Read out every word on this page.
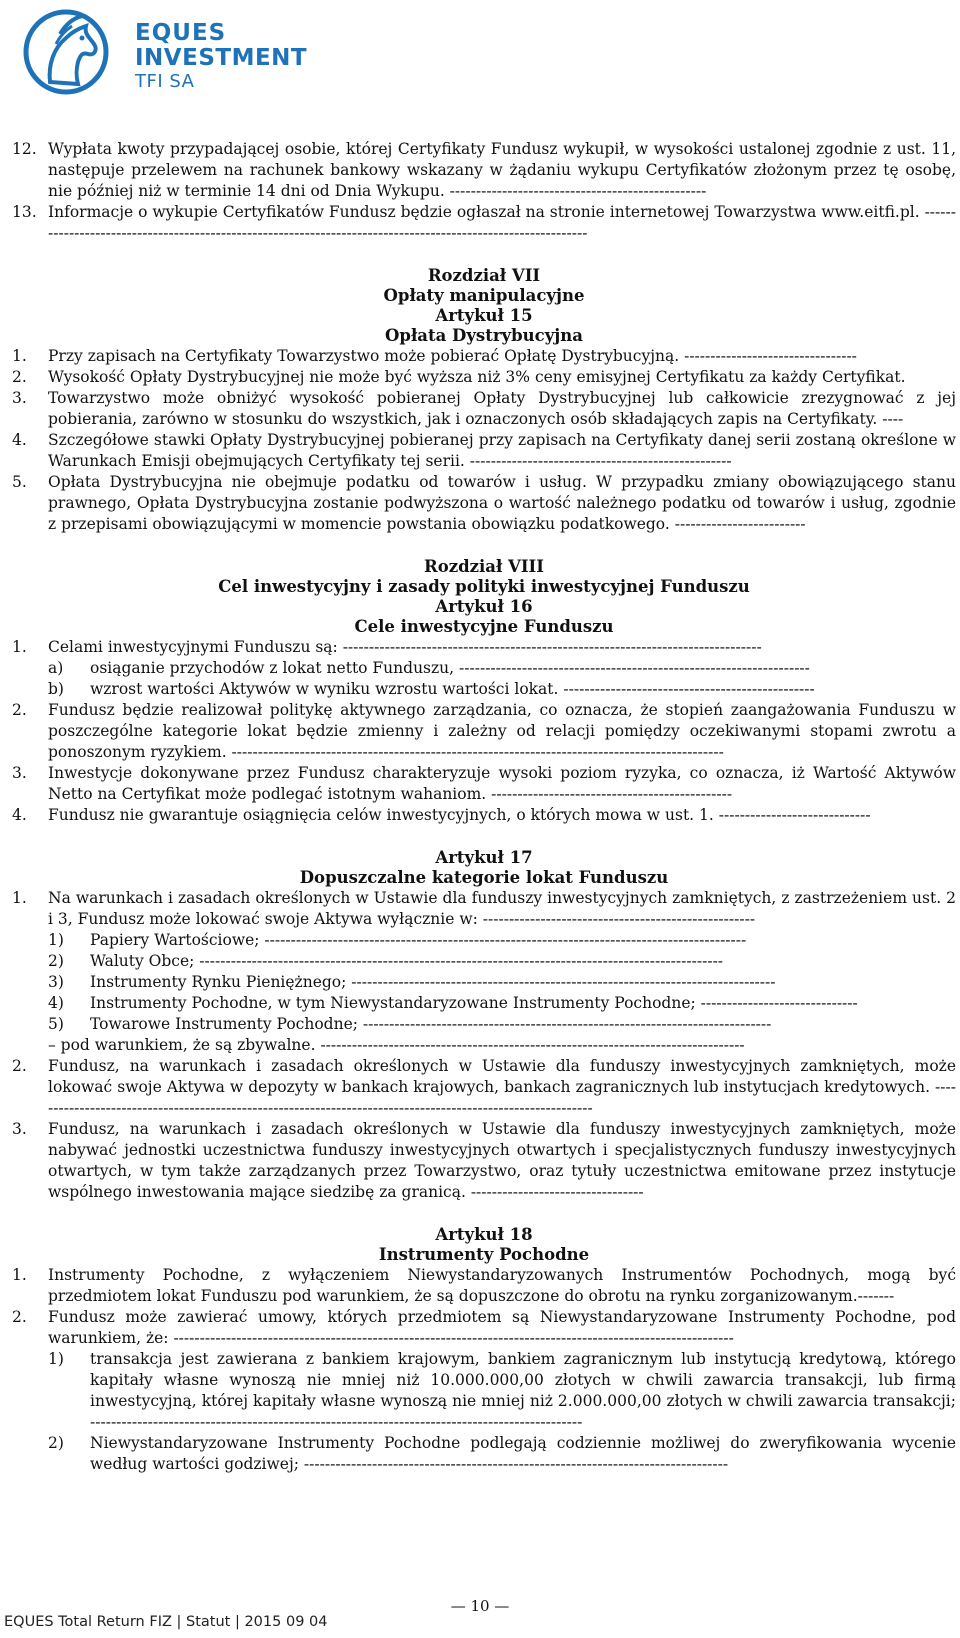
EQUES
INVESTMENT
TFI SA
12. Wypłata kwoty przypadającej osobie, której Certyfikaty Fundusz wykupił, w wysokości ustalonej zgodnie z ust. 11, następuje przelewem na rachunek bankowy wskazany w żądaniu wykupu Certyfikatów złożonym przez tę osobę, nie później niż w terminie 14 dni od Dnia Wykupu. -------------------------------------------------
13. Informacje o wykupie Certyfikatów Fundusz będzie ogłaszał na stronie internetowej Towarzystwa www.eitfi.pl. -------------------------------------------------------------------------------------------------------------
Rozdział VII
Opłaty manipulacyjne
Artykuł 15
Opłata Dystrybucyjna
1.	Przy zapisach na Certyfikaty Towarzystwo może pobierać Opłatę Dystrybucyjną. ---------------------------------
2.	Wysokość Opłaty Dystrybucyjnej nie może być wyższa niż 3% ceny emisyjnej Certyfikatu za każdy Certyfikat.
3.	Towarzystwo może obniżyć wysokość pobieranej Opłaty Dystrybucyjnej lub całkowicie zrezygnować z jej pobierania, zarówno w stosunku do wszystkich, jak i oznaczonych osób składających zapis na Certyfikaty. ----
4.	Szczegółowe stawki Opłaty Dystrybucyjnej pobieranej przy zapisach na Certyfikaty danej serii zostaną określone w Warunkach Emisji obejmujących Certyfikaty tej serii. --------------------------------------------------
5.	Opłata Dystrybucyjna nie obejmuje podatku od towarów i usług. W przypadku zmiany obowiązującego stanu prawnego, Opłata Dystrybucyjna zostanie podwyższona o wartość należnego podatku od towarów i usług, zgodnie z przepisami obowiązującymi w momencie powstania obowiązku podatkowego. -------------------------
Rozdział VIII
Cel inwestycyjny i zasady polityki inwestycyjnej Funduszu
Artykuł 16
Cele inwestycyjne Funduszu
1.	Celami inwestycyjnymi Funduszu są: --------------------------------------------------------------------------------
a)	osiąganie przychodów z lokat netto Funduszu, -------------------------------------------------------------------
b)	wzrost wartości Aktywów w wyniku wzrostu wartości lokat. ------------------------------------------------
2.	Fundusz będzie realizował politykę aktywnego zarządzania, co oznacza, że stopień zaangażowania Funduszu w poszczególne kategorie lokat będzie zmienny i zależny od relacji pomiędzy oczekiwanymi stopami zwrotu a ponoszonym ryzykiem. ----------------------------------------------------------------------------------------------
3.	Inwestycje dokonywane przez Fundusz charakteryzuje wysoki poziom ryzyka, co oznacza, iż Wartość Aktywów Netto na Certyfikat może podlegać istotnym wahaniom. ----------------------------------------------
4.	Fundusz nie gwarantuje osiągnięcia celów inwestycyjnych, o których mowa w ust. 1. -----------------------------
Artykuł 17
Dopuszczalne kategorie lokat Funduszu
1.	Na warunkach i zasadach określonych w Ustawie dla funduszy inwestycyjnych zamkniętych, z zastrzeżeniem ust. 2 i 3, Fundusz może lokować swoje Aktywa wyłącznie w: ----------------------------------------------------
1)	Papiery Wartościowe; --------------------------------------------------------------------------------------------
2)	Waluty Obce; ----------------------------------------------------------------------------------------------------
3)	Instrumenty Rynku Pieniężnego; ---------------------------------------------------------------------------------
4)	Instrumenty Pochodne, w tym Niewystandaryzowane Instrumenty Pochodne; ------------------------------
5)	Towarowe Instrumenty Pochodne; ------------------------------------------------------------------------------
– pod warunkiem, że są zbywalne. ---------------------------------------------------------------------------------
2.	Fundusz, na warunkach i zasadach określonych w Ustawie dla funduszy inwestycyjnych zamkniętych, może lokować swoje Aktywa w depozyty w bankach krajowych, bankach zagranicznych lub instytucjach kredytowych. ------------------------------------------------------------------------------------------------------------
3.	Fundusz, na warunkach i zasadach określonych w Ustawie dla funduszy inwestycyjnych zamkniętych, może nabywać jednostki uczestnictwa funduszy inwestycyjnych otwartych i specjalistycznych funduszy inwestycyjnych otwartych, w tym także zarządzanych przez Towarzystwo, oraz tytuły uczestnictwa emitowane przez instytucje wspólnego inwestowania mające siedzibę za granicą. ---------------------------------
Artykuł 18
Instrumenty Pochodne
1.	Instrumenty Pochodne, z wyłączeniem Niewystandaryzowanych Instrumentów Pochodnych, mogą być przedmiotem lokat Funduszu pod warunkiem, że są dopuszczone do obrotu na rynku zorganizowanym.-------
2.	Fundusz może zawierać umowy, których przedmiotem są Niewystandaryzowane Instrumenty Pochodne, pod warunkiem, że: -----------------------------------------------------------------------------------------------------------
1)	transakcja jest zawierana z bankiem krajowym, bankiem zagranicznym lub instytucją kredytową, którego kapitały własne wynoszą nie mniej niż 10.000.000,00 złotych w chwili zawarcia transakcji, lub firmą inwestycyjną, której kapitały własne wynoszą nie mniej niż 2.000.000,00 złotych w chwili zawarcia transakcji; ----------------------------------------------------------------------------------------------
2)	Niewystandaryzowane Instrumenty Pochodne podlegają codziennie możliwej do zweryfikowania wycenie według wartości godziwej; ---------------------------------------------------------------------------------
— 10 —
EQUES Total Return FIZ | Statut | 2015 09 04
